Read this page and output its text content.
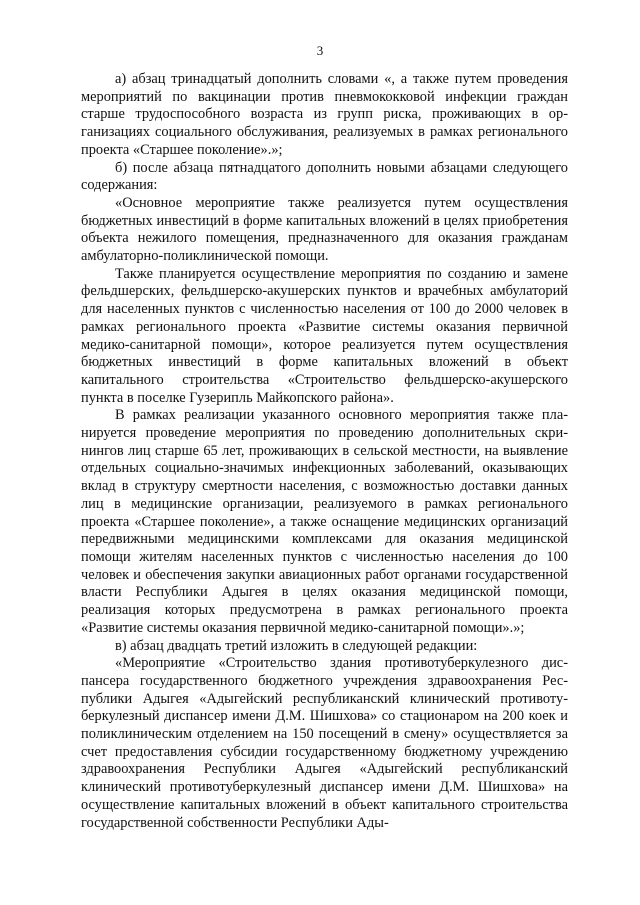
3

а) абзац тринадцатый дополнить словами «, а также путем проведения мероприятий по вакцинации против пневмококковой инфекции граждан старше трудоспособного возраста из групп риска, проживающих в организациях социального обслуживания, реализуемых в рамках регионального проекта «Старшее поколение».»;

б) после абзаца пятнадцатого дополнить новыми абзацами следующего содержания:

«Основное мероприятие также реализуется путем осуществления бюджетных инвестиций в форме капитальных вложений в целях приобретения объекта нежилого помещения, предназначенного для оказания гражданам амбулаторно-поликлинической помощи.

Также планируется осуществление мероприятия по созданию и замене фельдшерских, фельдшерско-акушерских пунктов и врачебных амбулаторий для населенных пунктов с численностью населения от 100 до 2000 человек в рамках регионального проекта «Развитие системы оказания первичной медико-санитарной помощи», которое реализуется путем осуществления бюджетных инвестиций в форме капитальных вложений в объект капитального строительства «Строительство фельдшерско-акушерского пункта в поселке Гузерипль Майкопского района».

В рамках реализации указанного основного мероприятия также планируется проведение мероприятия по проведению дополнительных скринингов лиц старше 65 лет, проживающих в сельской местности, на выявление отдельных социально-значимых инфекционных заболеваний, оказывающих вклад в структуру смертности населения, с возможностью доставки данных лиц в медицинские организации, реализуемого в рамках регионального проекта «Старшее поколение», а также оснащение медицинских организаций передвижными медицинскими комплексами для оказания медицинской помощи жителям населенных пунктов с численностью населения до 100 человек и обеспечения закупки авиационных работ органами государственной власти Республики Адыгея в целях оказания медицинской помощи, реализация которых предусмотрена в рамках регионального проекта «Развитие системы оказания первичной медико-санитарной помощи».»;

в) абзац двадцать третий изложить в следующей редакции:

«Мероприятие «Строительство здания противотуберкулезного диспансера государственного бюджетного учреждения здравоохранения Республики Адыгея «Адыгейский республиканский клинический противотуберкулезный диспансер имени Д.М. Шишхова» со стационаром на 200 коек и поликлиническим отделением на 150 посещений в смену» осуществляется за счет предоставления субсидии государственному бюджетному учреждению здравоохранения Республики Адыгея «Адыгейский республиканский клинический противотуберкулезный диспансер имени Д.М. Шишхова» на осуществление капитальных вложений в объект капитального строительства государственной собственности Республики Ады-
